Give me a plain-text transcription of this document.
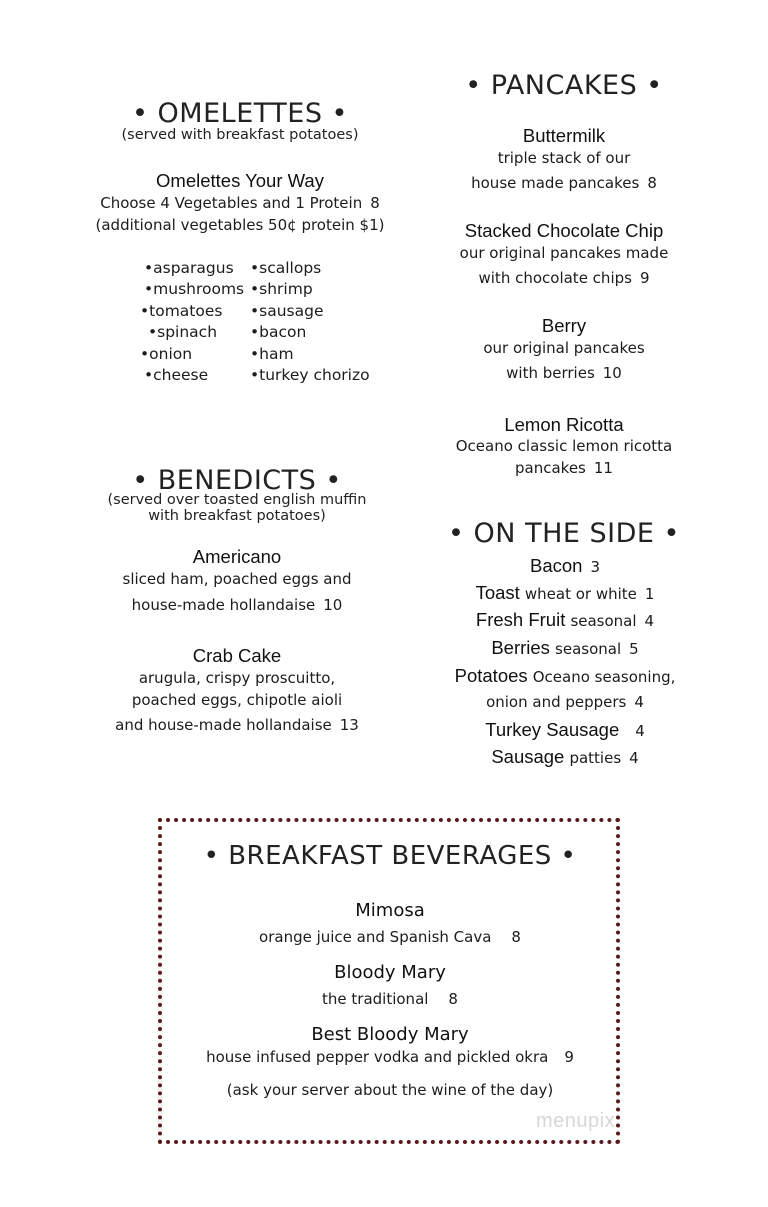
• OMELETTES •
(served with breakfast potatoes)
Omelettes Your Way
Choose 4 Vegetables and 1 Protein 8
(additional vegetables 50¢ protein $1)
•asparagus
•mushrooms
•tomatoes
•spinach
•onion
•cheese
•scallops
•shrimp
•sausage
•bacon
•ham
•turkey chorizo
• BENEDICTS •
(served over toasted english muffin
with breakfast potatoes)
Americano
sliced ham, poached eggs and
house-made hollandaise 10
Crab Cake
arugula, crispy proscuitto,
poached eggs, chipotle aioli
and house-made hollandaise 13
• PANCAKES •
Buttermilk
triple stack of our
house made pancakes 8
Stacked Chocolate Chip
our original pancakes made
with chocolate chips 9
Berry
our original pancakes
with berries 10
Lemon Ricotta
Oceano classic lemon ricotta
pancakes 11
• ON THE SIDE •
Bacon 3
Toast wheat or white 1
Fresh Fruit seasonal 4
Berries seasonal 5
Potatoes Oceano seasoning,
onion and peppers 4
Turkey Sausage 4
Sausage patties 4
• BREAKFAST BEVERAGES •
Mimosa
orange juice and Spanish Cava 8
Bloody Mary
the traditional 8
Best Bloody Mary
house infused pepper vodka and pickled okra 9
(ask your server about the wine of the day)
menupix
